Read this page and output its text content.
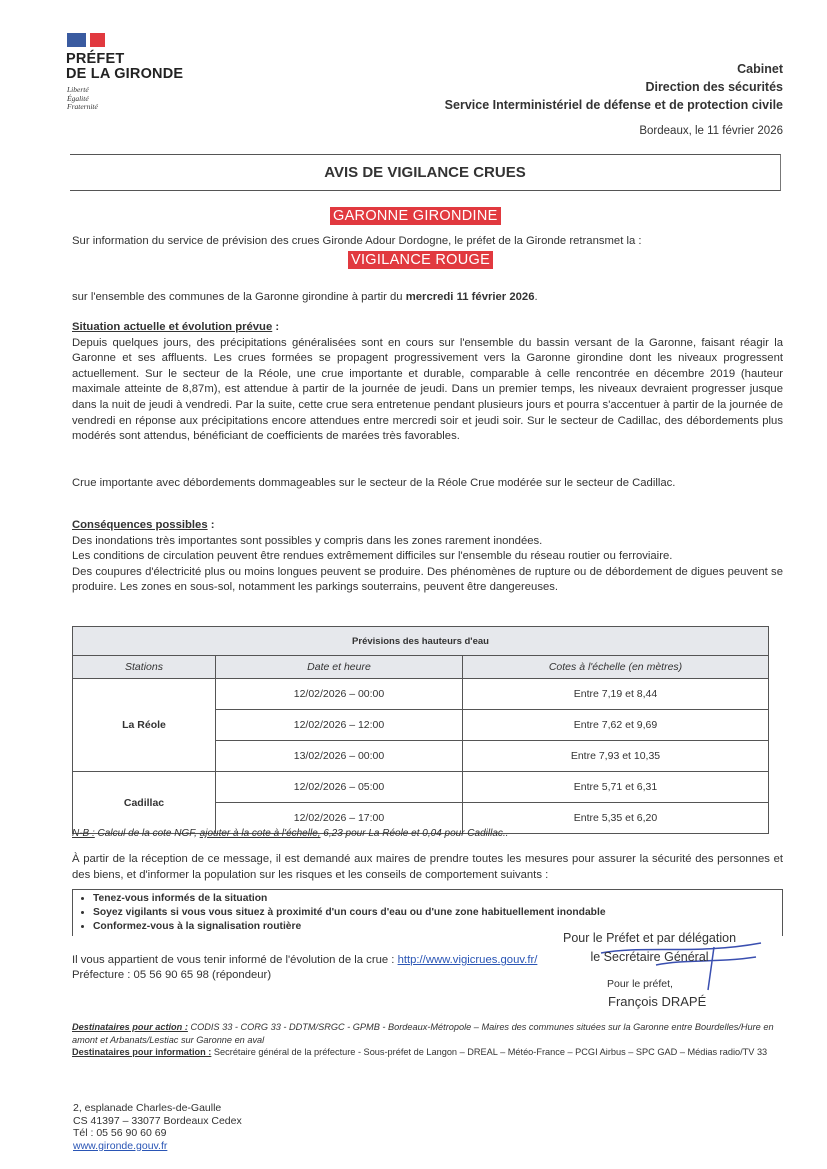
PRÉFET
DE LA GIRONDE
Liberté
Égalité
Fraternité
Cabinet
Direction des sécurités
Service Interministériel de défense et de protection civile
Bordeaux, le 11 février 2026
AVIS DE VIGILANCE CRUES
GARONNE GIRONDINE
Sur information du service de prévision des crues Gironde Adour Dordogne, le préfet de la Gironde retransmet la :
VIGILANCE ROUGE
sur l'ensemble des communes de la Garonne girondine à partir du mercredi 11 février 2026.
Situation actuelle et évolution prévue :
Depuis quelques jours, des précipitations généralisées sont en cours sur l'ensemble du bassin versant de la Garonne, faisant réagir la Garonne et ses affluents. Les crues formées se propagent progressivement vers la Garonne girondine dont les niveaux progressent actuellement. Sur le secteur de la Réole, une crue importante et durable, comparable à celle rencontrée en décembre 2019 (hauteur maximale atteinte de 8,87m), est attendue à partir de la journée de jeudi. Dans un premier temps, les niveaux devraient progresser jusque dans la nuit de jeudi à vendredi. Par la suite, cette crue sera entretenue pendant plusieurs jours et pourra s'accentuer à partir de la journée de vendredi en réponse aux précipitations encore attendues entre mercredi soir et jeudi soir. Sur le secteur de Cadillac, des débordements plus modérés sont attendus, bénéficiant de coefficients de marées très favorables.
Crue importante avec débordements dommageables sur le secteur de la Réole Crue modérée sur le secteur de Cadillac.
Conséquences possibles :
Des inondations très importantes sont possibles y compris dans les zones rarement inondées.
Les conditions de circulation peuvent être rendues extrêmement difficiles sur l'ensemble du réseau routier ou ferroviaire.
Des coupures d'électricité plus ou moins longues peuvent se produire. Des phénomènes de rupture ou de débordement de digues peuvent se produire. Les zones en sous-sol, notamment les parkings souterrains, peuvent être dangereuses.
Prévisions des hauteurs d'eau		
Stations	Date et heure	Cotes à l'échelle (en mètres)
La Réole	12/02/2026 – 00:00	Entre 7,19 et 8,44
	12/02/2026 – 12:00	Entre 7,62 et 9,69
	13/02/2026 – 00:00	Entre 7,93 et 10,35
Cadillac	12/02/2026 – 05:00	Entre 5,71 et 6,31
	12/02/2026 – 17:00	Entre 5,35 et 6,20
N-B : Calcul de la cote NGF, ajouter à la cote à l'échelle, 6,23 pour La Réole et 0,04 pour Cadillac..
À partir de la réception de ce message, il est demandé aux maires de prendre toutes les mesures pour assurer la sécurité des personnes et des biens, et d'informer la population sur les risques et les conseils de comportement suivants :
• Tenez-vous informés de la situation
• Soyez vigilants si vous vous situez à proximité d'un cours d'eau ou d'une zone habituellement inondable
• Conformez-vous à la signalisation routière
Il vous appartient de vous tenir informé de l'évolution de la crue : http://www.vigicrues.gouv.fr/
Préfecture : 05 56 90 65 98 (répondeur)
Pour le Préfet et par délégation
le Secrétaire Général
Pour le préfet,
François DRAPÉ
Destinataires pour action : CODIS 33 - CORG 33 - DDTM/SRGC - GPMB - Bordeaux-Métropole – Maires des communes situées sur la Garonne entre Bourdelles/Hure en amont et Arbanats/Lestiac sur Garonne en aval
Destinataires pour information : Secrétaire général de la préfecture - Sous-préfet de Langon – DREAL – Météo-France – PCGI Airbus – SPC GAD – Médias radio/TV 33
2, esplanade Charles-de-Gaulle
CS 41397 – 33077 Bordeaux Cedex
Tél : 05 56 90 60 69
www.gironde.gouv.fr
